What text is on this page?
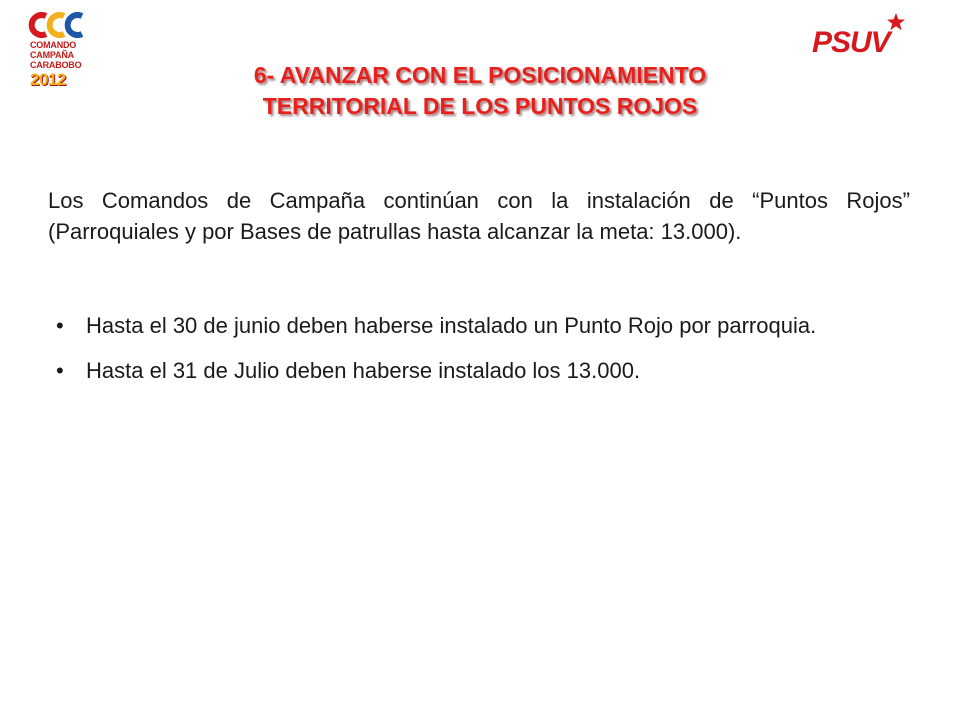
COMANDO
CAMPAÑA
CARABOBO
2012
PSUV
6- AVANZAR CON EL POSICIONAMIENTO
TERRITORIAL DE LOS PUNTOS ROJOS

Los Comandos de Campaña continúan con la instalación de “Puntos Rojos” (Parroquiales y por Bases de patrullas hasta alcanzar la meta: 13.000).

• Hasta el 30 de junio deben haberse instalado un Punto Rojo por parroquia.
• Hasta el 31 de Julio deben haberse instalado los 13.000.
